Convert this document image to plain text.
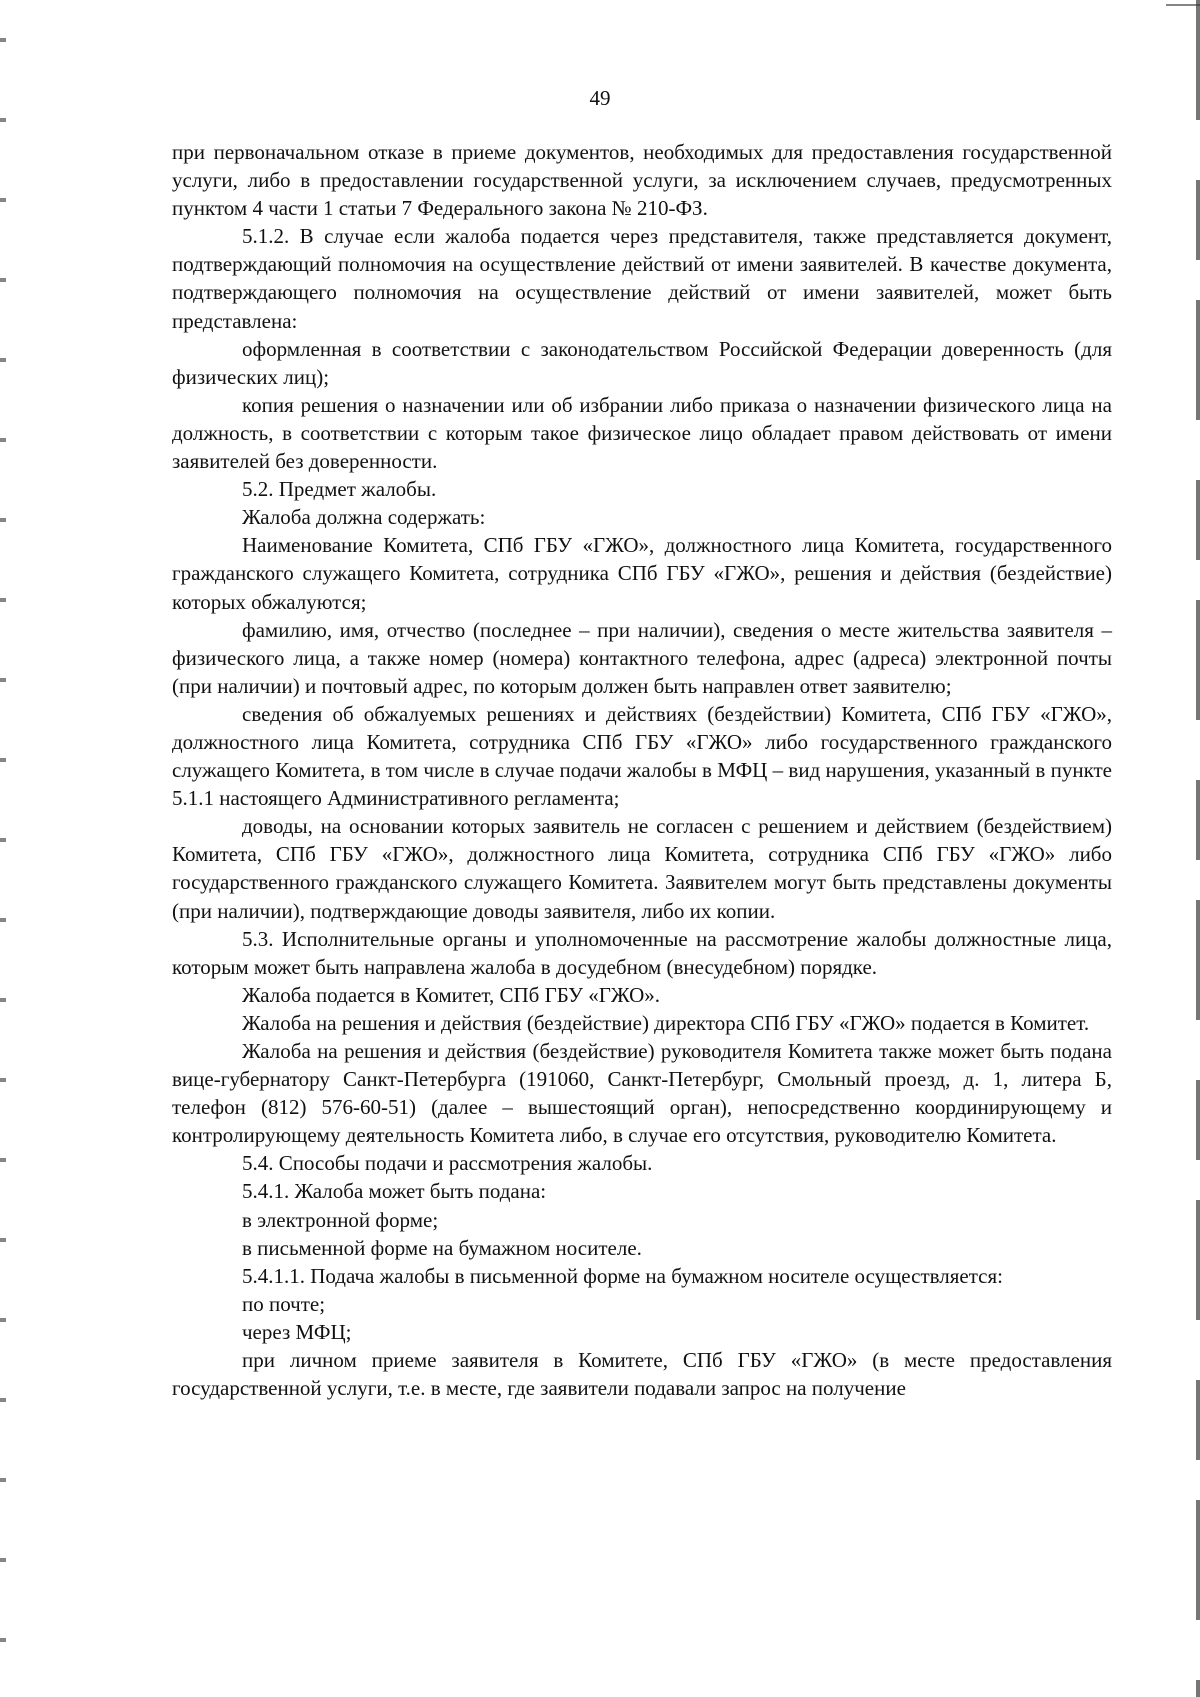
49

при первоначальном отказе в приеме документов, необходимых для предоставления государственной услуги, либо в предоставлении государственной услуги, за исключением случаев, предусмотренных пунктом 4 части 1 статьи 7 Федерального закона № 210-ФЗ.

5.1.2. В случае если жалоба подается через представителя, также представляется документ, подтверждающий полномочия на осуществление действий от имени заявителей. В качестве документа, подтверждающего полномочия на осуществление действий от имени заявителей, может быть представлена:

оформленная в соответствии с законодательством Российской Федерации доверенность (для физических лиц);

копия решения о назначении или об избрании либо приказа о назначении физического лица на должность, в соответствии с которым такое физическое лицо обладает правом действовать от имени заявителей без доверенности.

5.2. Предмет жалобы.

Жалоба должна содержать:

Наименование Комитета, СПб ГБУ «ГЖО», должностного лица Комитета, государственного гражданского служащего Комитета, сотрудника СПб ГБУ «ГЖО», решения и действия (бездействие) которых обжалуются;

фамилию, имя, отчество (последнее – при наличии), сведения о месте жительства заявителя – физического лица, а также номер (номера) контактного телефона, адрес (адреса) электронной почты (при наличии) и почтовый адрес, по которым должен быть направлен ответ заявителю;

сведения об обжалуемых решениях и действиях (бездействии) Комитета, СПб ГБУ «ГЖО», должностного лица Комитета, сотрудника СПб ГБУ «ГЖО» либо государственного гражданского служащего Комитета, в том числе в случае подачи жалобы в МФЦ – вид нарушения, указанный в пункте 5.1.1 настоящего Административного регламента;

доводы, на основании которых заявитель не согласен с решением и действием (бездействием) Комитета, СПб ГБУ «ГЖО», должностного лица Комитета, сотрудника СПб ГБУ «ГЖО» либо государственного гражданского служащего Комитета. Заявителем могут быть представлены документы (при наличии), подтверждающие доводы заявителя, либо их копии.

5.3. Исполнительные органы и уполномоченные на рассмотрение жалобы должностные лица, которым может быть направлена жалоба в досудебном (внесудебном) порядке.

Жалоба подается в Комитет, СПб ГБУ «ГЖО».

Жалоба на решения и действия (бездействие) директора СПб ГБУ «ГЖО» подается в Комитет.

Жалоба на решения и действия (бездействие) руководителя Комитета также может быть подана вице-губернатору Санкт-Петербурга (191060, Санкт-Петербург, Смольный проезд, д. 1, литера Б, телефон (812) 576-60-51) (далее – вышестоящий орган), непосредственно координирующему и контролирующему деятельность Комитета либо, в случае его отсутствия, руководителю Комитета.

5.4. Способы подачи и рассмотрения жалобы.

5.4.1. Жалоба может быть подана:

в электронной форме;

в письменной форме на бумажном носителе.

5.4.1.1. Подача жалобы в письменной форме на бумажном носителе осуществляется:

по почте;

через МФЦ;

при личном приеме заявителя в Комитете, СПб ГБУ «ГЖО» (в месте предоставления государственной услуги, т.е. в месте, где заявители подавали запрос на получение
